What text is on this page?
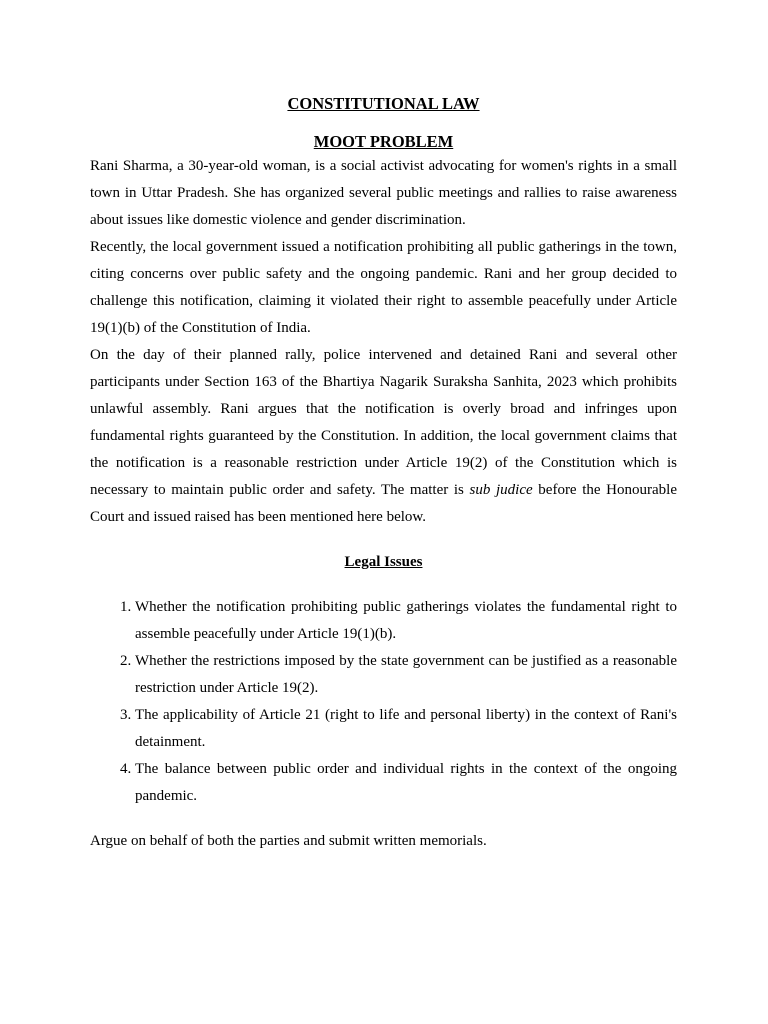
CONSTITUTIONAL LAW
MOOT PROBLEM

Rani Sharma, a 30-year-old woman, is a social activist advocating for women's rights in a small town in Uttar Pradesh. She has organized several public meetings and rallies to raise awareness about issues like domestic violence and gender discrimination.

Recently, the local government issued a notification prohibiting all public gatherings in the town, citing concerns over public safety and the ongoing pandemic. Rani and her group decided to challenge this notification, claiming it violated their right to assemble peacefully under Article 19(1)(b) of the Constitution of India.

On the day of their planned rally, police intervened and detained Rani and several other participants under Section 163 of the Bhartiya Nagarik Suraksha Sanhita, 2023 which prohibits unlawful assembly. Rani argues that the notification is overly broad and infringes upon fundamental rights guaranteed by the Constitution. In addition, the local government claims that the notification is a reasonable restriction under Article 19(2) of the Constitution which is necessary to maintain public order and safety. The matter is sub judice before the Honourable Court and issued raised has been mentioned here below.

Legal Issues
1. Whether the notification prohibiting public gatherings violates the fundamental right to assemble peacefully under Article 19(1)(b).
2. Whether the restrictions imposed by the state government can be justified as a reasonable restriction under Article 19(2).
3. The applicability of Article 21 (right to life and personal liberty) in the context of Rani's detainment.
4. The balance between public order and individual rights in the context of the ongoing pandemic.

Argue on behalf of both the parties and submit written memorials.
